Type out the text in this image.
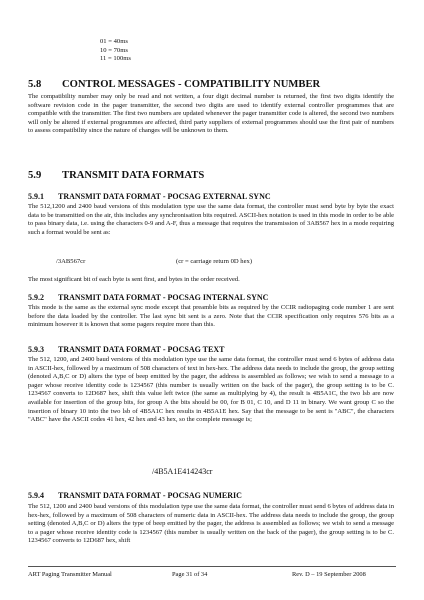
01 = 40ms
10 = 70ms
11 = 100ms
5.8 CONTROL MESSAGES - COMPATIBILITY NUMBER

The compatibility number may only be read and not written, a four digit decimal number is returned, the first two digits identify the software revision code in the pager transmitter, the second two digits are used to identify external controller programmes that are compatible with the transmitter. The first two numbers are updated whenever the pager transmitter code is altered, the second two numbers will only be altered if external programmes are affected, third party suppliers of external programmes should use the first pair of numbers to assess compatibility since the nature of changes will be unknown to them.

5.9 TRANSMIT DATA FORMATS
5.9.1 TRANSMIT DATA FORMAT - POCSAG EXTERNAL SYNC

The 512,1200 and 2400 baud versions of this modulation type use the same data format, the controller must send byte by byte the exact data to be transmitted on the air, this includes any synchronisation bits required. ASCII-hex notation is used in this mode in order to be able to pass binary data, i.e. using the characters 0-9 and A-F, thus a message that requires the transmission of 3AB567 hex in a mode requiring such a format would be sent as:

/3AB567cr	(cr = carriage return 0D hex)

The most significant bit of each byte is sent first, and bytes in the order received.

5.9.2 TRANSMIT DATA FORMAT - POCSAG INTERNAL SYNC

This mode is the same as the external sync mode except that preamble bits as required by the CCIR radiopaging code number 1 are sent before the data loaded by the controller. The last sync bit sent is a zero. Note that the CCIR specification only requires 576 bits as a minimum however it is known that some pagers require more than this.

5.9.3 TRANSMIT DATA FORMAT - POCSAG TEXT

The 512, 1200, and 2400 baud versions of this modulation type use the same data format, the controller must send 6 bytes of address data in ASCII-hex, followed by a maximum of 508 characters of text in hex-hex. The address data needs to include the group, the group setting (denoted A,B,C or D) alters the type of beep emitted by the pager, the address is assembled as follows; we wish to send a message to a pager whose receive identity code is 1234567 (this number is usually written on the back of the pager), the group setting is to be C. 1234567 converts to 12D687 hex, shift this value left twice (the same as multiplying by 4), the result is 4B5A1C, the two lsb are now available for insertion of the group bits, for group A the bits should be 00, for B 01, C 10, and D 11 in binary. We want group C so the insertion of binary 10 into the two lsb of 4B5A1C hex results in 4B5A1E hex. Say that the message to be sent is "ABC", the characters "ABC" have the ASCII codes 41 hex, 42 hex and 43 hex, so the complete message is;

/4B5A1E414243cr
5.9.4 TRANSMIT DATA FORMAT - POCSAG NUMERIC

The 512, 1200 and 2400 baud versions of this modulation type use the same data format, the controller must send 6 bytes of address data in hex-hex, followed by a maximum of 508 characters of numeric data in ASCII-hex. The address data needs to include the group, the group setting (denoted A,B,C or D) alters the type of beep emitted by the pager, the address is assembled as follows; we wish to send a message to a pager whose receive identity code is 1234567 (this number is usually written on the back of the pager), the group setting is to be C. 1234567 converts to 12D687 hex, shift

ART Paging Transmitter Manual	Page 31 of 34	Rev. D – 19 September 2008
